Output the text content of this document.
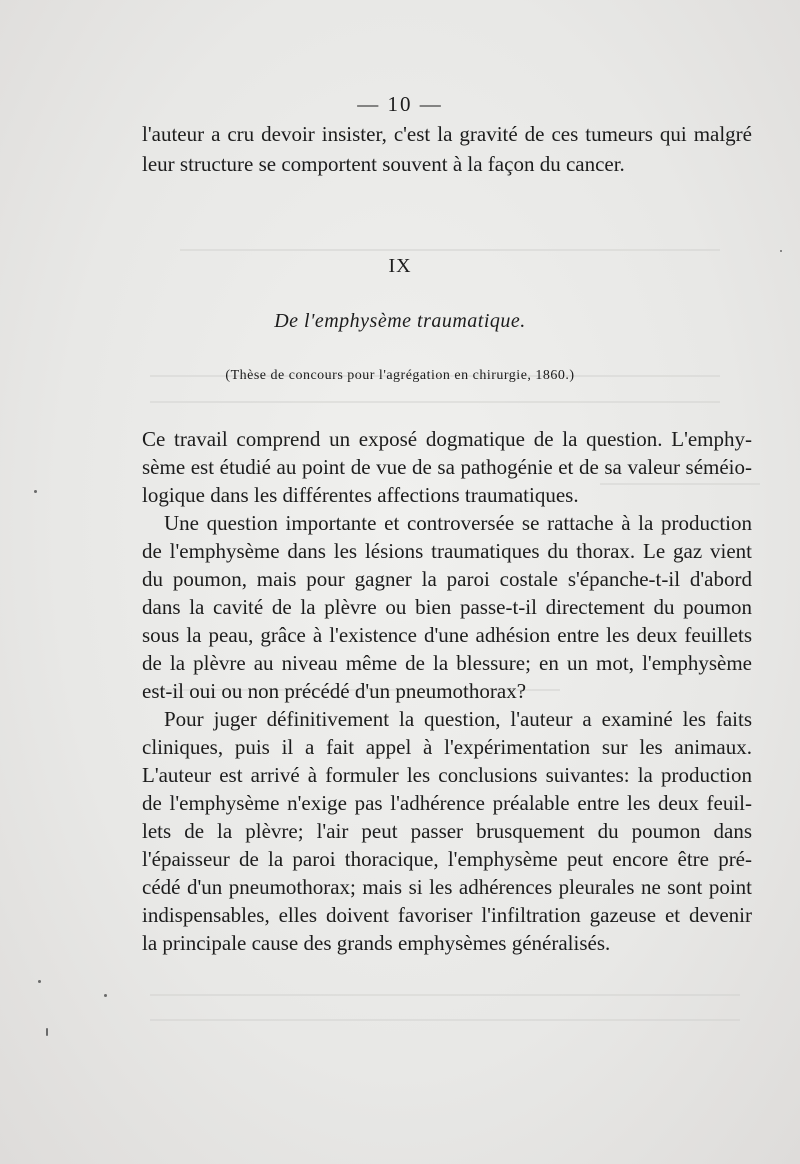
— 10 —
l'auteur a cru devoir insister, c'est la gravité de ces tumeurs qui malgré
leur structure se comportent souvent à la façon du cancer.
IX
De l'emphysème traumatique.
(Thèse de concours pour l'agrégation en chirurgie, 1860.)
Ce travail comprend un exposé dogmatique de la question. L'emphy-
sème est étudié au point de vue de sa pathogénie et de sa valeur séméio-
logique dans les différentes affections traumatiques.
Une question importante et controversée se rattache à la production
de l'emphysème dans les lésions traumatiques du thorax. Le gaz vient
du poumon, mais pour gagner la paroi costale s'épanche-t-il d'abord
dans la cavité de la plèvre ou bien passe-t-il directement du poumon
sous la peau, grâce à l'existence d'une adhésion entre les deux feuillets
de la plèvre au niveau même de la blessure; en un mot, l'emphysème
est-il oui ou non précédé d'un pneumothorax?
Pour juger définitivement la question, l'auteur a examiné les faits
cliniques, puis il a fait appel à l'expérimentation sur les animaux.
L'auteur est arrivé à formuler les conclusions suivantes: la production
de l'emphysème n'exige pas l'adhérence préalable entre les deux feuil-
lets de la plèvre; l'air peut passer brusquement du poumon dans
l'épaisseur de la paroi thoracique, l'emphysème peut encore être pré-
cédé d'un pneumothorax; mais si les adhérences pleurales ne sont point
indispensables, elles doivent favoriser l'infiltration gazeuse et devenir
la principale cause des grands emphysèmes généralisés.
